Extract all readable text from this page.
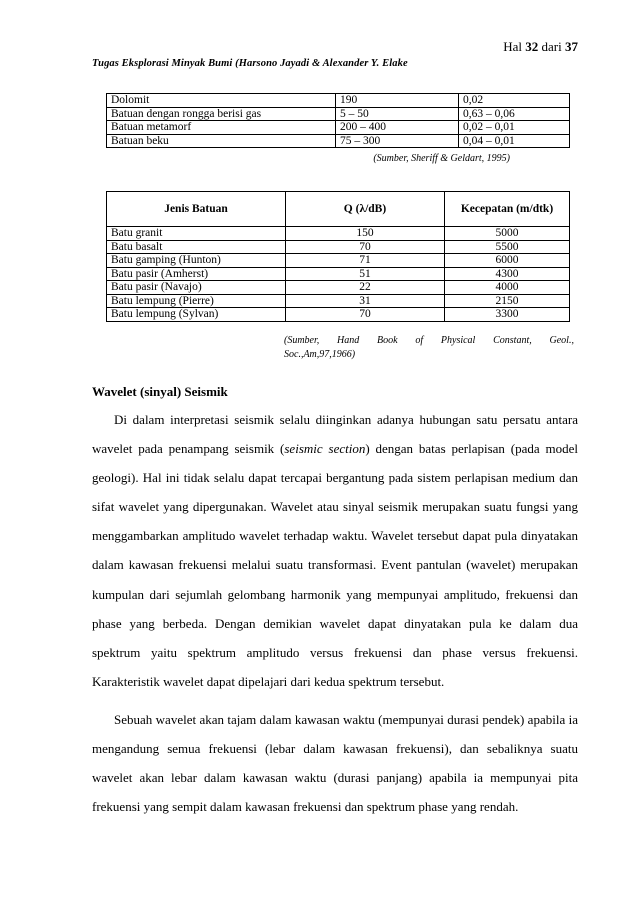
Hal 32 dari 37
Tugas Eksplorasi Minyak Bumi (Harsono Jayadi & Alexander Y. Elake
Dolomit	190	0,02
Batuan dengan rongga berisi gas	5 – 50	0,63 – 0,06
Batuan metamorf	200 – 400	0,02 – 0,01
Batuan beku	75 – 300	0,04 – 0,01
(Sumber, Sheriff & Geldart, 1995)
Jenis Batuan	Q (λ/dB)	Kecepatan (m/dtk)
Batu granit	150	5000
Batu basalt	70	5500
Batu gamping (Hunton)	71	6000
Batu pasir (Amherst)	51	4300
Batu pasir (Navajo)	22	4000
Batu lempung (Pierre)	31	2150
Batu lempung (Sylvan)	70	3300
(Sumber, Hand Book of Physical Constant, Geol.,
Soc.,Am,97,1966)
Wavelet (sinyal) Seismik

Di dalam interpretasi seismik selalu diinginkan adanya hubungan satu persatu antara wavelet pada penampang seismik (seismic section) dengan batas perlapisan (pada model geologi). Hal ini tidak selalu dapat tercapai bergantung pada sistem perlapisan medium dan sifat wavelet yang dipergunakan. Wavelet atau sinyal seismik merupakan suatu fungsi yang menggambarkan amplitudo wavelet terhadap waktu. Wavelet tersebut dapat pula dinyatakan dalam kawasan frekuensi melalui suatu transformasi. Event pantulan (wavelet) merupakan kumpulan dari sejumlah gelombang harmonik yang mempunyai amplitudo, frekuensi dan phase yang berbeda. Dengan demikian wavelet dapat dinyatakan pula ke dalam dua spektrum yaitu spektrum amplitudo versus frekuensi dan phase versus frekuensi. Karakteristik wavelet dapat dipelajari dari kedua spektrum tersebut.

Sebuah wavelet akan tajam dalam kawasan waktu (mempunyai durasi pendek) apabila ia mengandung semua frekuensi (lebar dalam kawasan frekuensi), dan sebaliknya suatu wavelet akan lebar dalam kawasan waktu (durasi panjang) apabila ia mempunyai pita frekuensi yang sempit dalam kawasan frekuensi dan spektrum phase yang rendah.
